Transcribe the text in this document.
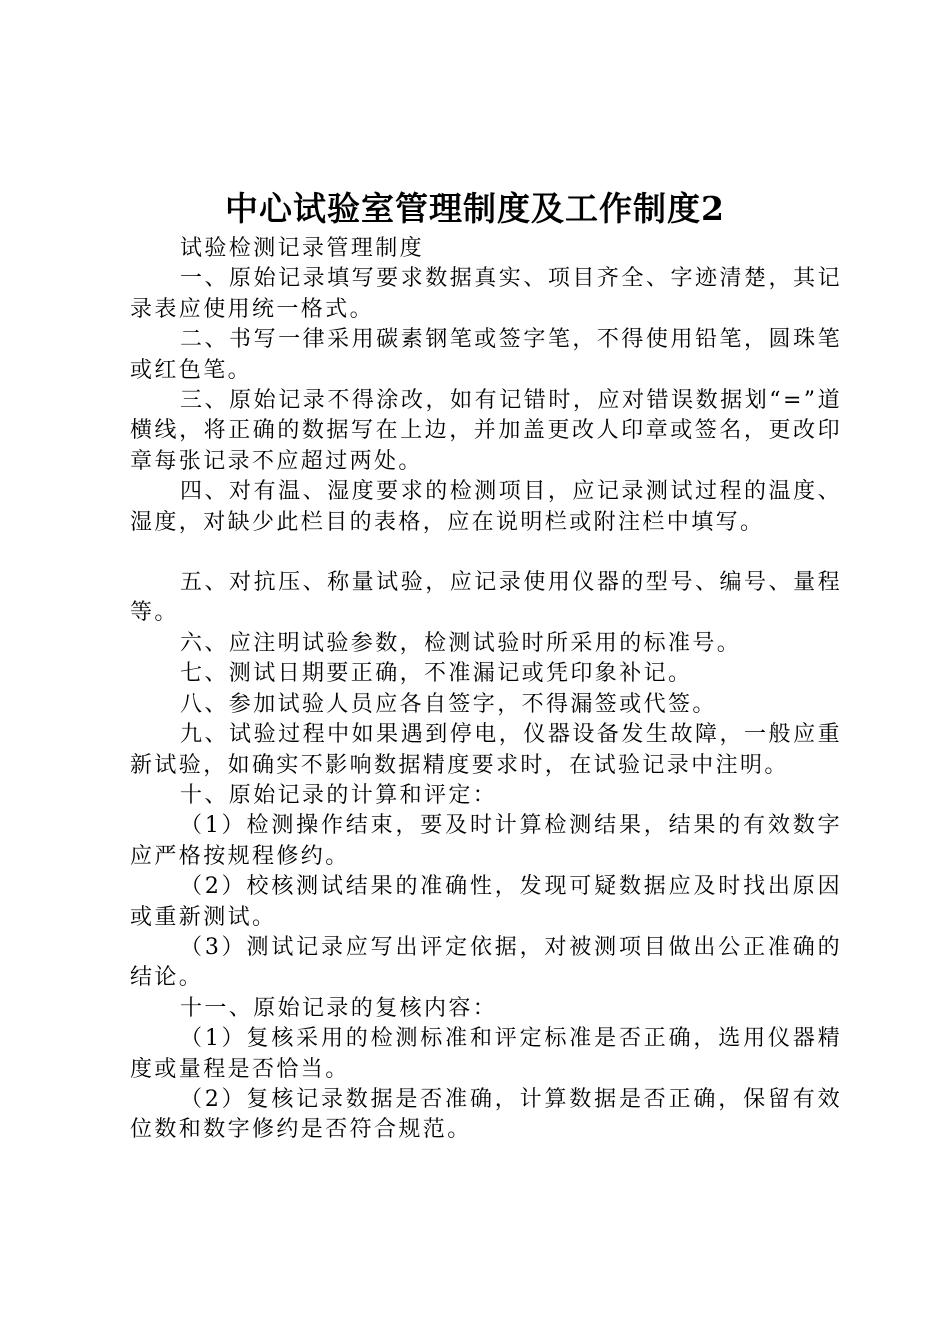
中心试验室管理制度及工作制度2

试验检测记录管理制度

一、原始记录填写要求数据真实、项目齐全、字迹清楚，其记录表应使用统一格式。

二、书写一律采用碳素钢笔或签字笔，不得使用铅笔，圆珠笔或红色笔。

三、原始记录不得涂改，如有记错时，应对错误数据划“=”道横线，将正确的数据写在上边，并加盖更改人印章或签名，更改印章每张记录不应超过两处。

四、对有温、湿度要求的检测项目，应记录测试过程的温度、湿度，对缺少此栏目的表格，应在说明栏或附注栏中填写。

五、对抗压、称量试验，应记录使用仪器的型号、编号、量程等。

六、应注明试验参数，检测试验时所采用的标准号。

七、测试日期要正确，不准漏记或凭印象补记。

八、参加试验人员应各自签字，不得漏签或代签。

九、试验过程中如果遇到停电，仪器设备发生故障，一般应重新试验，如确实不影响数据精度要求时，在试验记录中注明。

十、原始记录的计算和评定：

（1）检测操作结束，要及时计算检测结果，结果的有效数字应严格按规程修约。

（2）校核测试结果的准确性，发现可疑数据应及时找出原因或重新测试。

（3）测试记录应写出评定依据，对被测项目做出公正准确的结论。

十一、原始记录的复核内容：

（1）复核采用的检测标准和评定标准是否正确，选用仪器精度或量程是否恰当。

（2）复核记录数据是否准确，计算数据是否正确，保留有效位数和数字修约是否符合规范。
